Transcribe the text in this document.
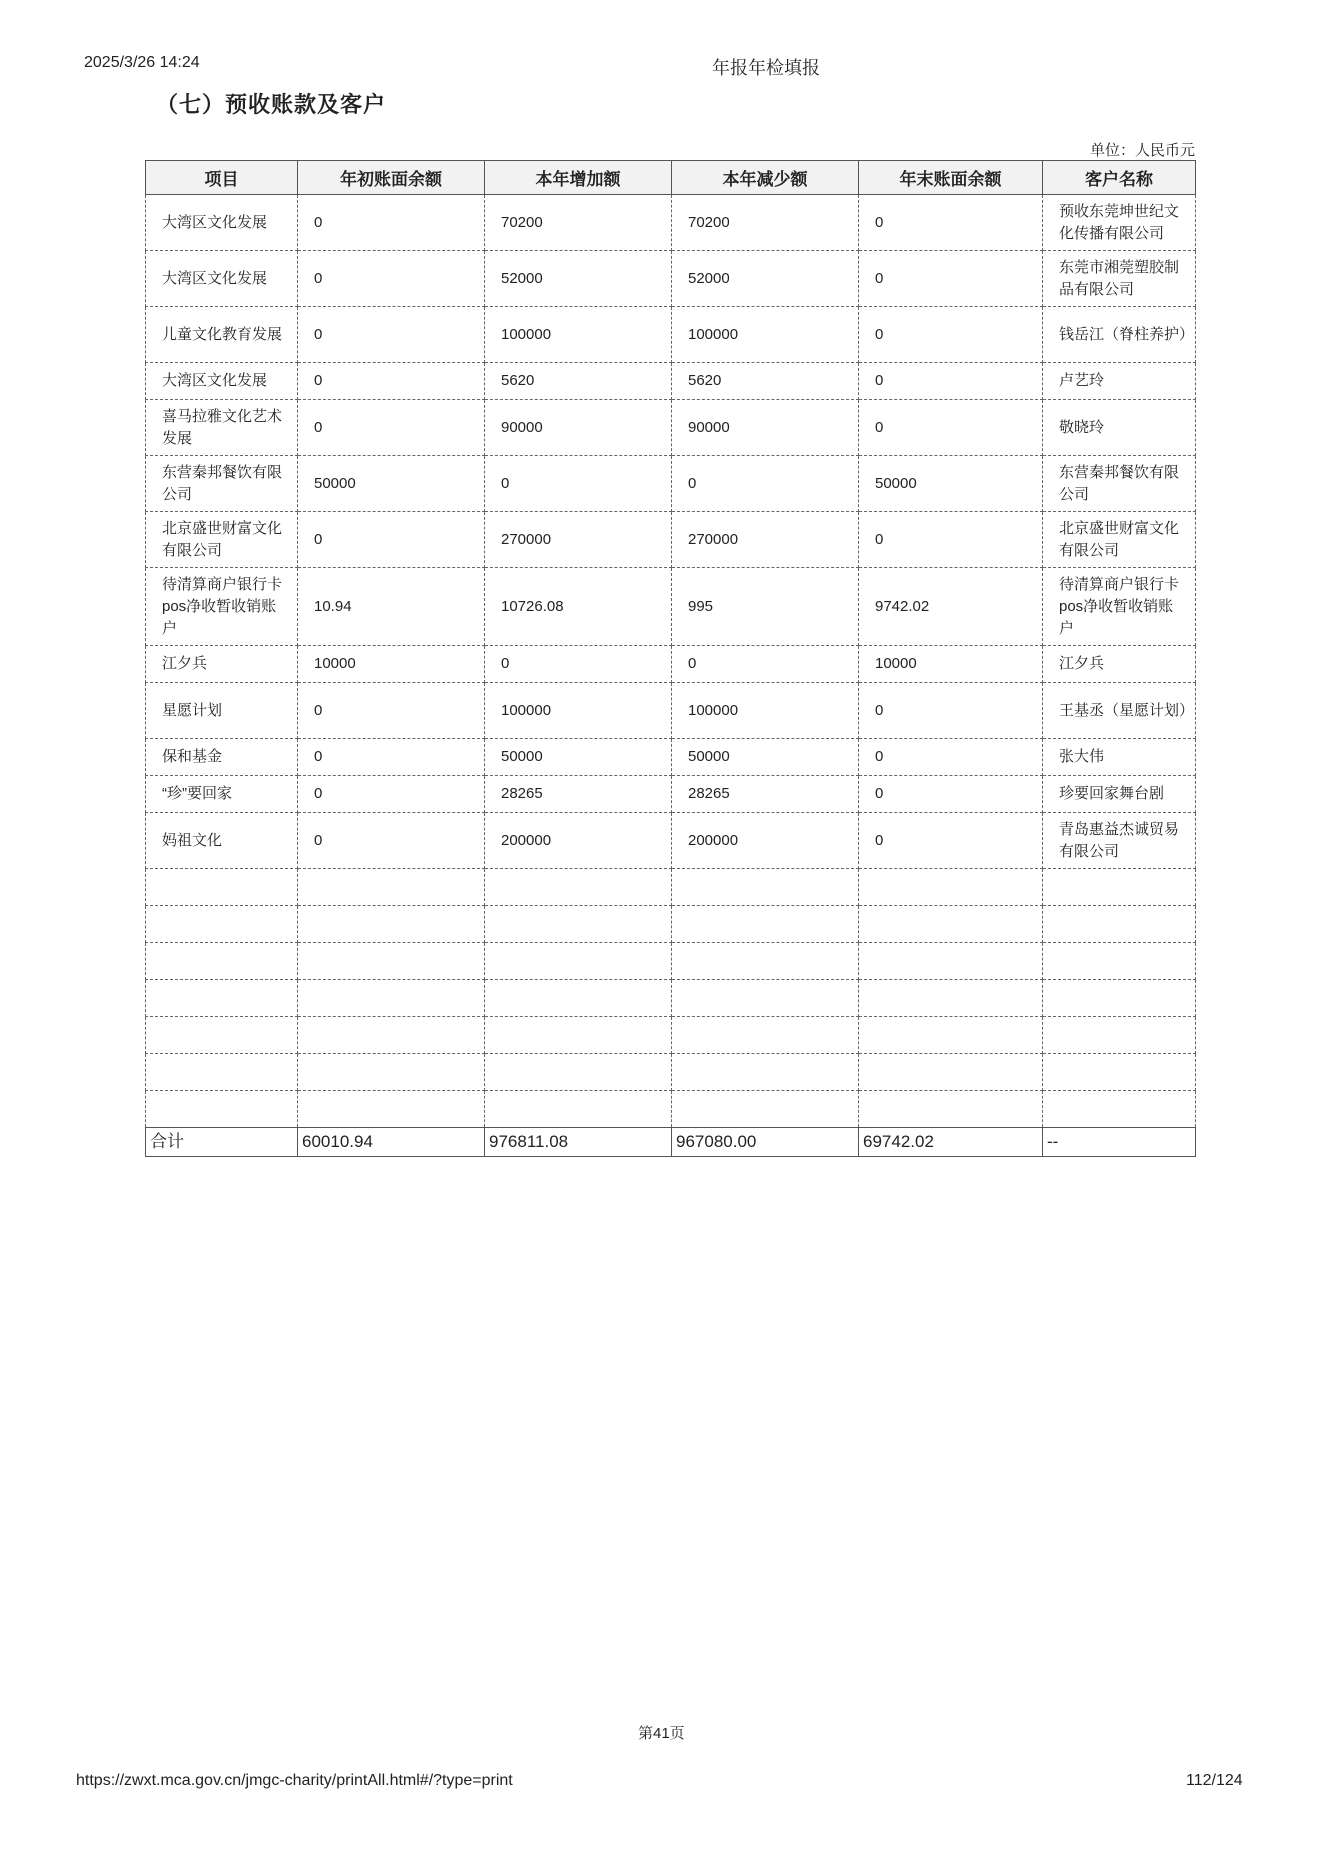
2025/3/26 14:24	年报年检填报
（七）预收账款及客户
单位：人民币元
项目	年初账面余额	本年增加额	本年减少额	年末账面余额	客户名称
大湾区文化发展	0	70200	70200	0	预收东莞坤世纪文化传播有限公司
大湾区文化发展	0	52000	52000	0	东莞市湘莞塑胶制品有限公司
儿童文化教育发展	0	100000	100000	0	钱岳江（脊柱养护）
大湾区文化发展	0	5620	5620	0	卢艺玲
喜马拉雅文化艺术发展	0	90000	90000	0	敬晓玲
东营秦邦餐饮有限公司	50000	0	0	50000	东营秦邦餐饮有限公司
北京盛世财富文化有限公司	0	270000	270000	0	北京盛世财富文化有限公司
待清算商户银行卡pos净收暂收销账户	10.94	10726.08	995	9742.02	待清算商户银行卡pos净收暂收销账户
江夕兵	10000	0	0	10000	江夕兵
星愿计划	0	100000	100000	0	王基丞（星愿计划）
保和基金	0	50000	50000	0	张大伟
“珍”要回家	0	28265	28265	0	珍要回家舞台剧
妈祖文化	0	200000	200000	0	青岛惠益杰诚贸易有限公司

合计	60010.94	976811.08	967080.00	69742.02	--
第41页
https://zwxt.mca.gov.cn/jmgc-charity/printAll.html#/?type=print	112/124
